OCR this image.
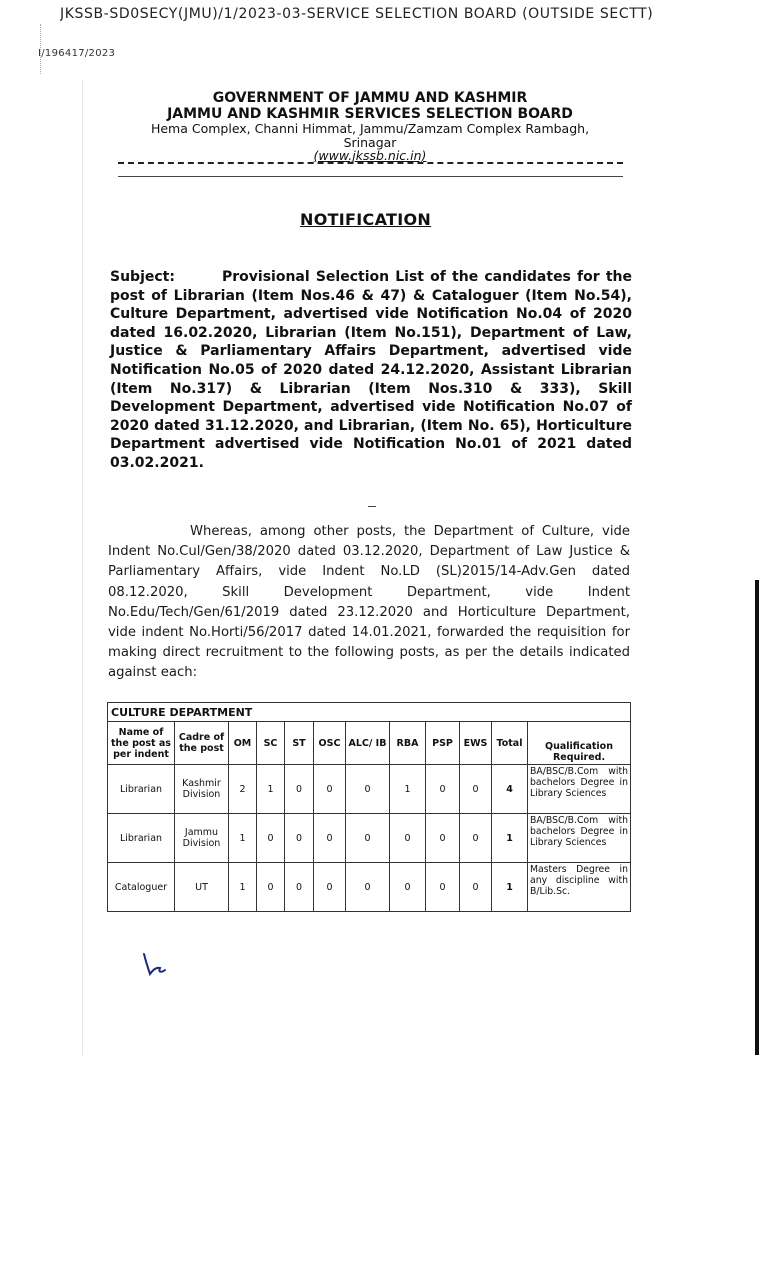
JKSSB-SD0SECY(JMU)/1/2023-03-SERVICE SELECTION BOARD (OUTSIDE SECTT)
I/196417/2023
GOVERNMENT OF JAMMU AND KASHMIR
JAMMU AND KASHMIR SERVICES SELECTION BOARD
Hema Complex, Channi Himmat, Jammu/Zamzam Complex Rambagh,
Srinagar
(www.jkssb.nic.in)
NOTIFICATION
Subject:	Provisional Selection List of the candidates for the post of Librarian (Item Nos.46 & 47) & Cataloguer (Item No.54), Culture Department, advertised vide Notification No.04 of 2020 dated 16.02.2020, Librarian (Item No.151), Department of Law, Justice & Parliamentary Affairs Department, advertised vide Notification No.05 of 2020 dated 24.12.2020, Assistant Librarian (Item No.317) & Librarian (Item Nos.310 & 333), Skill Development Department, advertised vide Notification No.07 of 2020 dated 31.12.2020, and Librarian, (Item No. 65), Horticulture Department advertised vide Notification No.01 of 2021 dated 03.02.2021.
Whereas, among other posts, the Department of Culture, vide Indent No.Cul/Gen/38/2020 dated 03.12.2020, Department of Law Justice & Parliamentary Affairs, vide Indent No.LD (SL)2015/14-Adv.Gen dated 08.12.2020, Skill Development Department, vide Indent No.Edu/Tech/Gen/61/2019 dated 23.12.2020 and Horticulture Department, vide indent No.Horti/56/2017 dated 14.01.2021, forwarded the requisition for making direct recruitment to the following posts, as per the details indicated against each:
CULTURE DEPARTMENT											
Name of the post as per indent	Cadre of the post	OM	SC	ST	OSC	ALC/ IB	RBA	PSP	EWS	Total	Qualification Required.
Librarian	Kashmir Division	2	1	0	0	0	1	0	0	4	BA/BSC/B.Com with bachelors Degree in Library Sciences
Librarian	Jammu Division	1	0	0	0	0	0	0	0	1	BA/BSC/B.Com with bachelors Degree in Library Sciences
Cataloguer	UT	1	0	0	0	0	0	0	0	1	Masters Degree in any discipline with B/Lib.Sc.
